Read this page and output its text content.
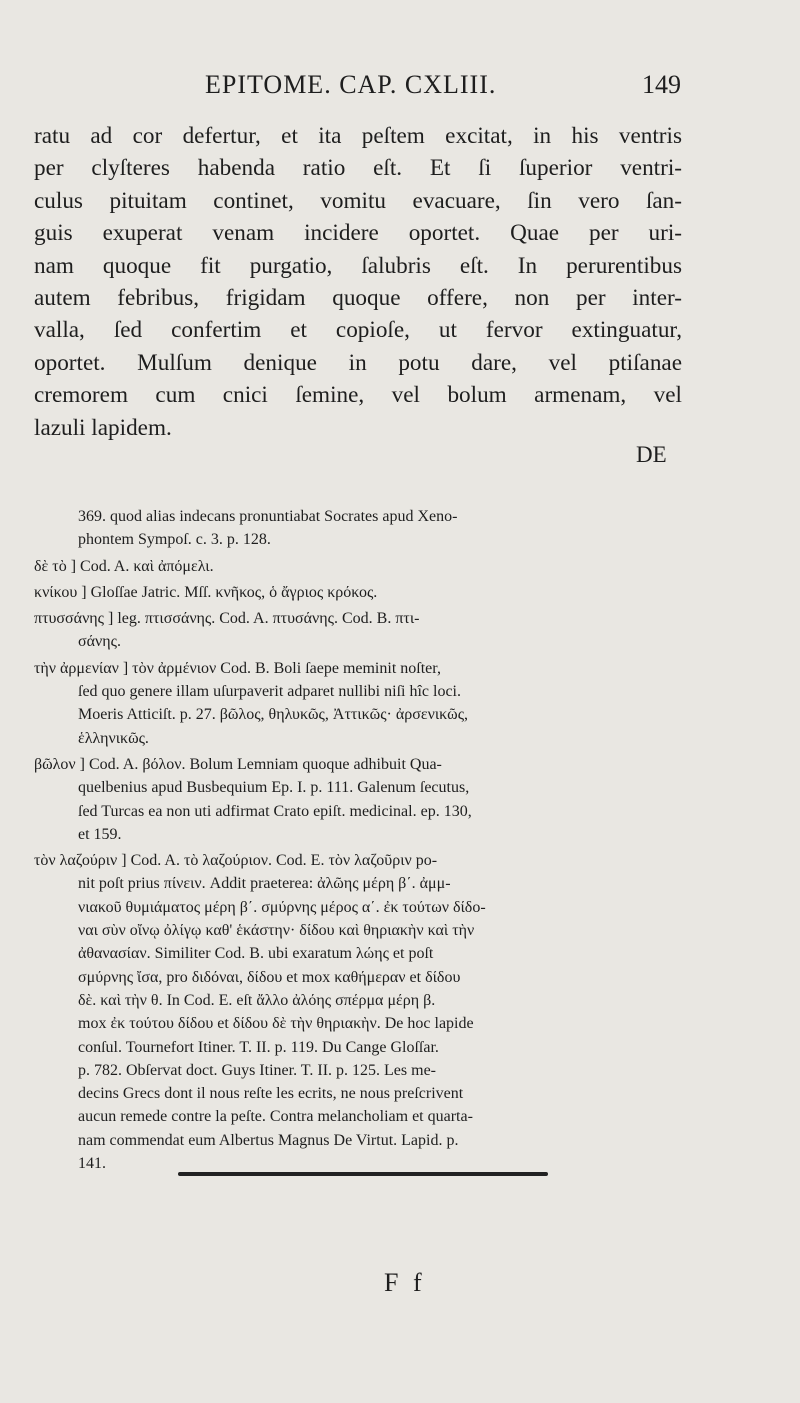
EPITOME. CAP. CXLIII.	149
ratu ad cor defertur, et ita peſtem excitat, in his ventris
per clyſteres habenda ratio eſt. Et ſi ſuperior ventri-
culus pituitam continet, vomitu evacuare, ſin vero ſan-
guis exuperat venam incidere oportet. Quae per uri-
nam quoque fit purgatio, ſalubris eſt. In perurentibus
autem febribus, frigidam quoque offere, non per inter-
valla, ſed confertim et copioſe, ut fervor extinguatur,
oportet. Mulſum denique in potu dare, vel ptiſanae
cremorem cum cnici ſemine, vel bolum armenam, vel
lazuli lapidem.
DE
369. quod alias indecans pronuntiabat Socrates apud Xeno-
phontem Sympoſ. c. 3. p. 128.
δὲ τὸ ] Cod. A. καὶ ἀπόμελι.
κνίκου ] Gloſſae Jatric. Mſſ. κνῆκος, ὁ ἄγριος κρόκος.
πτυσσάνης ] leg. πτισσάνης. Cod. A. πτυσάνης. Cod. B. πτι-
σάνης.
τὴν ἀρμενίαν ] τὸν ἀρμένιον Cod. B. Boli ſaepe meminit noſter,
ſed quo genere illam uſurpaverit adparet nullibi niſi hîc loci.
Moeris Atticiſt. p. 27. βῶλος, θηλυκῶς, Ἀττικῶς· ἀρσενικῶς,
ἑλληνικῶς.
βῶλον ] Cod. A. βόλον. Bolum Lemniam quoque adhibuit Qua-
quelbenius apud Busbequium Ep. I. p. 111. Galenum ſecutus,
ſed Turcas ea non uti adfirmat Crato epiſt. medicinal. ep. 130,
et 159.
τὸν λαζούριν ] Cod. A. τὸ λαζούριον. Cod. E. τὸν λαζοῦριν po-
nit poſt prius πίνειν. Addit praeterea: ἀλῶης μέρη β΄. ἀμμ-
νιακοῦ θυμιάματος μέρη β΄. σμύρνης μέρος α΄. ἐκ τούτων δίδο-
ναι σὺν οἴνῳ ὀλίγῳ καθ' ἑκάστην· δίδου καὶ θηριακὴν καὶ τὴν
ἀθανασίαν. Similiter Cod. B. ubi exaratum λώης et poſt
σμύρνης ἴσα, pro διδόναι, δίδου et mox καθήμεραν et δίδου
δὲ. καὶ τὴν θ. In Cod. E. eſt ἄλλο ἀλόης σπέρμα μέρη β.
mox ἐκ τούτου δίδου et δίδου δὲ τὴν θηριακὴν. De hoc lapide
conſul. Tournefort Itiner. T. II. p. 119. Du Cange Gloſſar.
p. 782. Obſervat doct. Guys Itiner. T. II. p. 125. Les me-
decins Grecs dont il nous reſte les ecrits, ne nous preſcrivent
aucun remede contre la peſte. Contra melancholiam et quarta-
nam commendat eum Albertus Magnus De Virtut. Lapid. p.
141.
F f
